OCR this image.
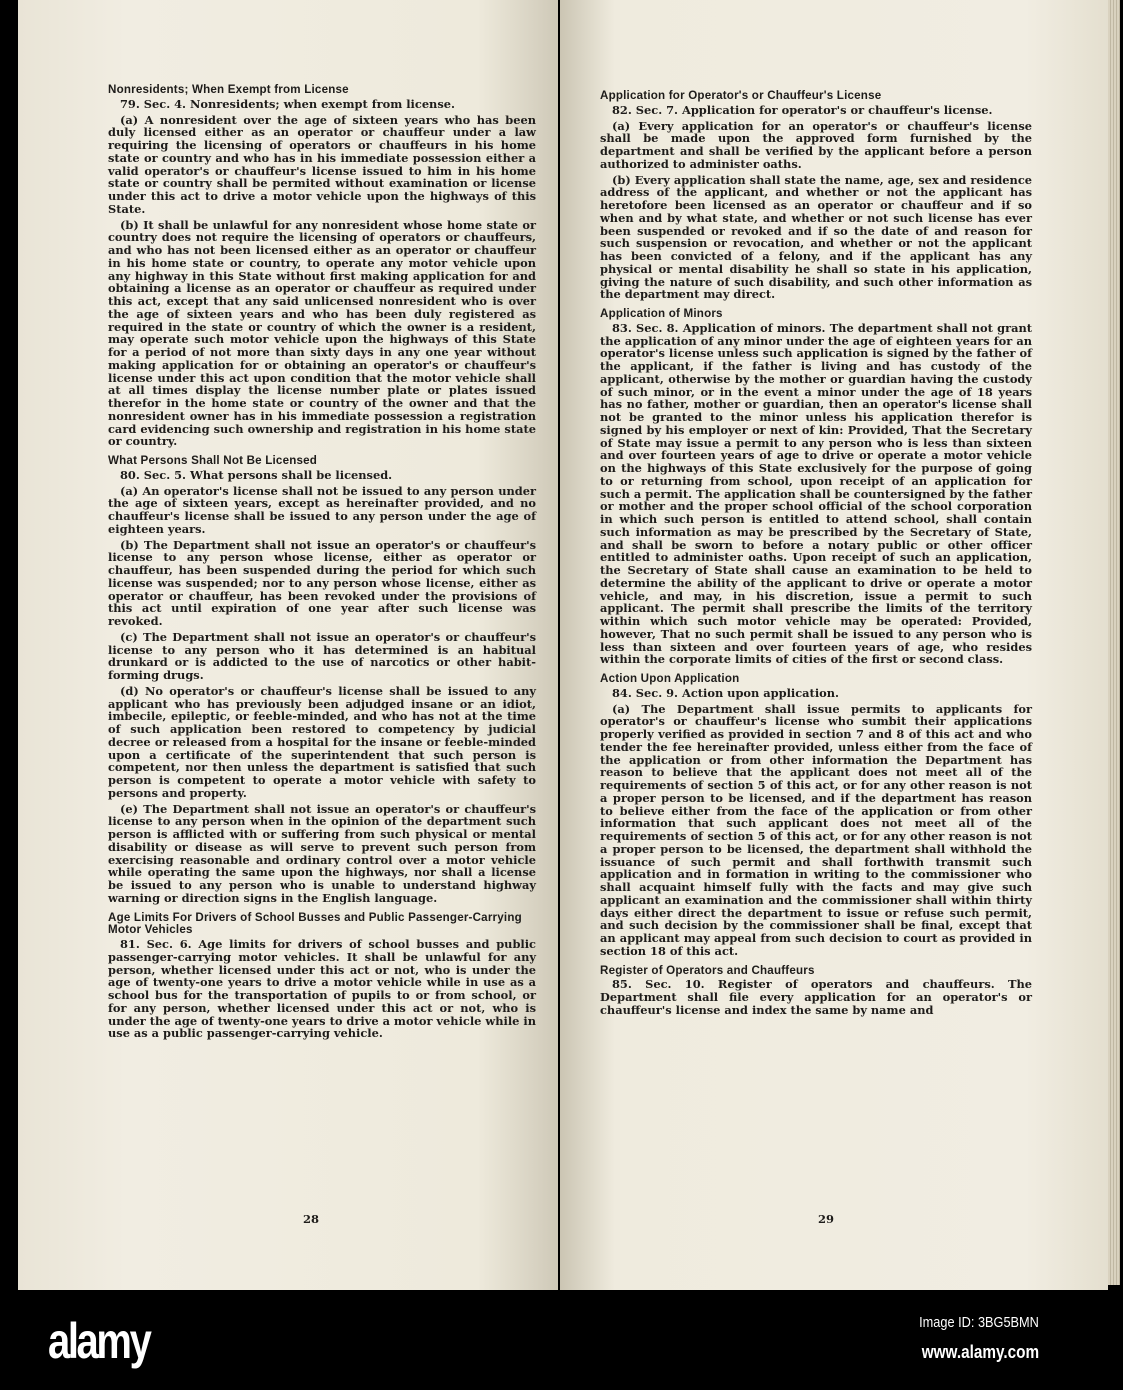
Nonresidents; When Exempt from License

79. Sec. 4. Nonresidents; when exempt from license.

(a) A nonresident over the age of sixteen years who has been duly licensed either as an operator or chauffeur under a law requiring the licensing of operators or chauffeurs in his home state or country and who has in his immediate possession either a valid operator's or chauffeur's license issued to him in his home state or country shall be permited without examination or license under this act to drive a motor vehicle upon the highways of this State.

(b) It shall be unlawful for any nonresident whose home state or country does not require the licensing of operators or chauffeurs, and who has not been licensed either as an operator or chauffeur in his home state or country, to operate any motor vehicle upon any highway in this State without first making application for and obtaining a license as an operator or chauffeur as required under this act, except that any said unlicensed nonresident who is over the age of sixteen years and who has been duly registered as required in the state or country of which the owner is a resident, may operate such motor vehicle upon the highways of this State for a period of not more than sixty days in any one year without making application for or obtaining an operator's or chauffeur's license under this act upon condition that the motor vehicle shall at all times display the license number plate or plates issued therefor in the home state or country of the owner and that the nonresident owner has in his immediate possession a registration card evidencing such ownership and registration in his home state or country.

What Persons Shall Not Be Licensed

80. Sec. 5. What persons shall be licensed.

(a) An operator's license shall not be issued to any person under the age of sixteen years, except as hereinafter provided, and no chauffeur's license shall be issued to any person under the age of eighteen years.

(b) The Department shall not issue an operator's or chauffeur's license to any person whose license, either as operator or chauffeur, has been suspended during the period for which such license was suspended; nor to any person whose license, either as operator or chauffeur, has been revoked under the provisions of this act until expiration of one year after such license was revoked.

(c) The Department shall not issue an operator's or chauffeur's license to any person who it has determined is an habitual drunkard or is addicted to the use of narcotics or other habit-forming drugs.

(d) No operator's or chauffeur's license shall be issued to any applicant who has previously been adjudged insane or an idiot, imbecile, epileptic, or feeble-minded, and who has not at the time of such application been restored to competency by judicial decree or released from a hospital for the insane or feeble-minded upon a certificate of the superintendent that such person is competent, nor then unless the department is satisfied that such person is competent to operate a motor vehicle with safety to persons and property.

(e) The Department shall not issue an operator's or chauffeur's license to any person when in the opinion of the department such person is afflicted with or suffering from such physical or mental disability or disease as will serve to prevent such person from exercising reasonable and ordinary control over a motor vehicle while operating the same upon the highways, nor shall a license be issued to any person who is unable to understand highway warning or direction signs in the English language.

Age Limits For Drivers of School Busses and Public Passenger-Carrying Motor Vehicles

81. Sec. 6. Age limits for drivers of school busses and public passenger-carrying motor vehicles. It shall be unlawful for any person, whether licensed under this act or not, who is under the age of twenty-one years to drive a motor vehicle while in use as a school bus for the transportation of pupils to or from school, or for any person, whether licensed under this act or not, who is under the age of twenty-one years to drive a motor vehicle while in use as a public passenger-carrying vehicle.

28
Application for Operator's or Chauffeur's License

82. Sec. 7. Application for operator's or chauffeur's license.

(a) Every application for an operator's or chauffeur's license shall be made upon the approved form furnished by the department and shall be verified by the applicant before a person authorized to administer oaths.

(b) Every application shall state the name, age, sex and residence address of the applicant, and whether or not the applicant has heretofore been licensed as an operator or chauffeur and if so when and by what state, and whether or not such license has ever been suspended or revoked and if so the date of and reason for such suspension or revocation, and whether or not the applicant has been convicted of a felony, and if the applicant has any physical or mental disability he shall so state in his application, giving the nature of such disability, and such other information as the department may direct.

Application of Minors

83. Sec. 8. Application of minors. The department shall not grant the application of any minor under the age of eighteen years for an operator's license unless such application is signed by the father of the applicant, if the father is living and has custody of the applicant, otherwise by the mother or guardian having the custody of such minor, or in the event a minor under the age of 18 years has no father, mother or guardian, then an operator's license shall not be granted to the minor unless his application therefor is signed by his employer or next of kin: Provided, That the Secretary of State may issue a permit to any person who is less than sixteen and over fourteen years of age to drive or operate a motor vehicle on the highways of this State exclusively for the purpose of going to or returning from school, upon receipt of an application for such a permit. The application shall be countersigned by the father or mother and the proper school official of the school corporation in which such person is entitled to attend school, shall contain such information as may be prescribed by the Secretary of State, and shall be sworn to before a notary public or other officer entitled to administer oaths. Upon receipt of such an application, the Secretary of State shall cause an examination to be held to determine the ability of the applicant to drive or operate a motor vehicle, and may, in his discretion, issue a permit to such applicant. The permit shall prescribe the limits of the territory within which such motor vehicle may be operated: Provided, however, That no such permit shall be issued to any person who is less than sixteen and over fourteen years of age, who resides within the corporate limits of cities of the first or second class.

Action Upon Application

84. Sec. 9. Action upon application.

(a) The Department shall issue permits to applicants for operator's or chauffeur's license who sumbit their applications properly verified as provided in section 7 and 8 of this act and who tender the fee hereinafter provided, unless either from the face of the application or from other information the Department has reason to believe that the applicant does not meet all of the requirements of section 5 of this act, or for any other reason is not a proper person to be licensed, and if the department has reason to believe either from the face of the application or from other information that such applicant does not meet all of the requirements of section 5 of this act, or for any other reason is not a proper person to be licensed, the department shall withhold the issuance of such permit and shall forthwith transmit such application and in formation in writing to the commissioner who shall acquaint himself fully with the facts and may give such applicant an examination and the commissioner shall within thirty days either direct the department to issue or refuse such permit, and such decision by the commissioner shall be final, except that an applicant may appeal from such decision to court as provided in section 18 of this act.

Register of Operators and Chauffeurs

85. Sec. 10. Register of operators and chauffeurs. The Department shall file every application for an operator's or chauffeur's license and index the same by name and

29
alamy	Image ID: 3BG5BMN
www.alamy.com
